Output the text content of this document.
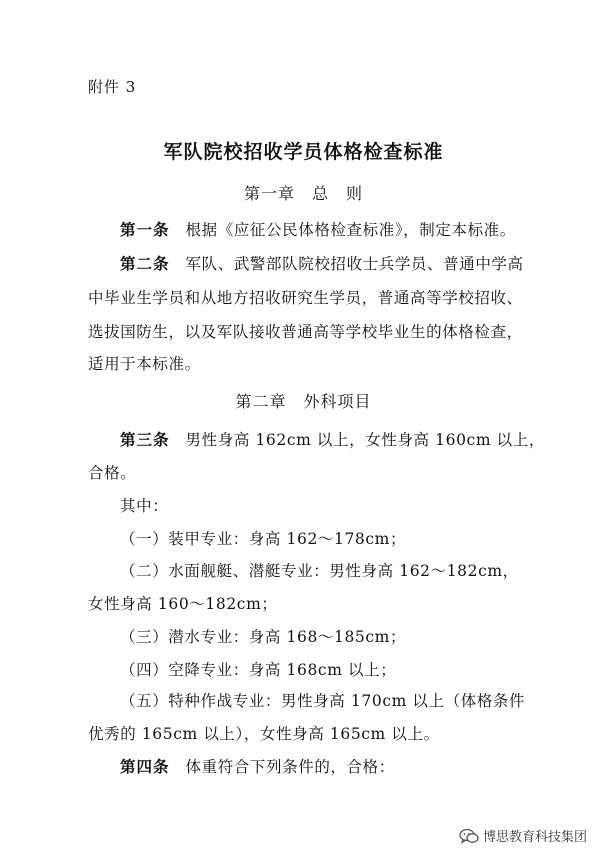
附件 3
军队院校招收学员体格检查标准
第一章　总　则
第一条 根据《应征公民体格检查标准》，制定本标准。
第二条 军队、武警部队院校招收士兵学员、普通中学高
中毕业生学员和从地方招收研究生学员，普通高等学校招收、
选拔国防生，以及军队接收普通高等学校毕业生的体格检查，
适用于本标准。
第二章　外科项目
第三条 男性身高 162cm 以上，女性身高 160cm 以上，
合格。
其中：
（一）装甲专业：身高 162～178cm；
（二）水面舰艇、潜艇专业：男性身高 162～182cm，
女性身高 160～182cm；
（三）潜水专业：身高 168～185cm；
（四）空降专业：身高 168cm 以上；
（五）特种作战专业：男性身高 170cm 以上（体格条件
优秀的 165cm 以上），女性身高 165cm 以上。
第四条 体重符合下列条件的，合格：
博思教育科技集团
